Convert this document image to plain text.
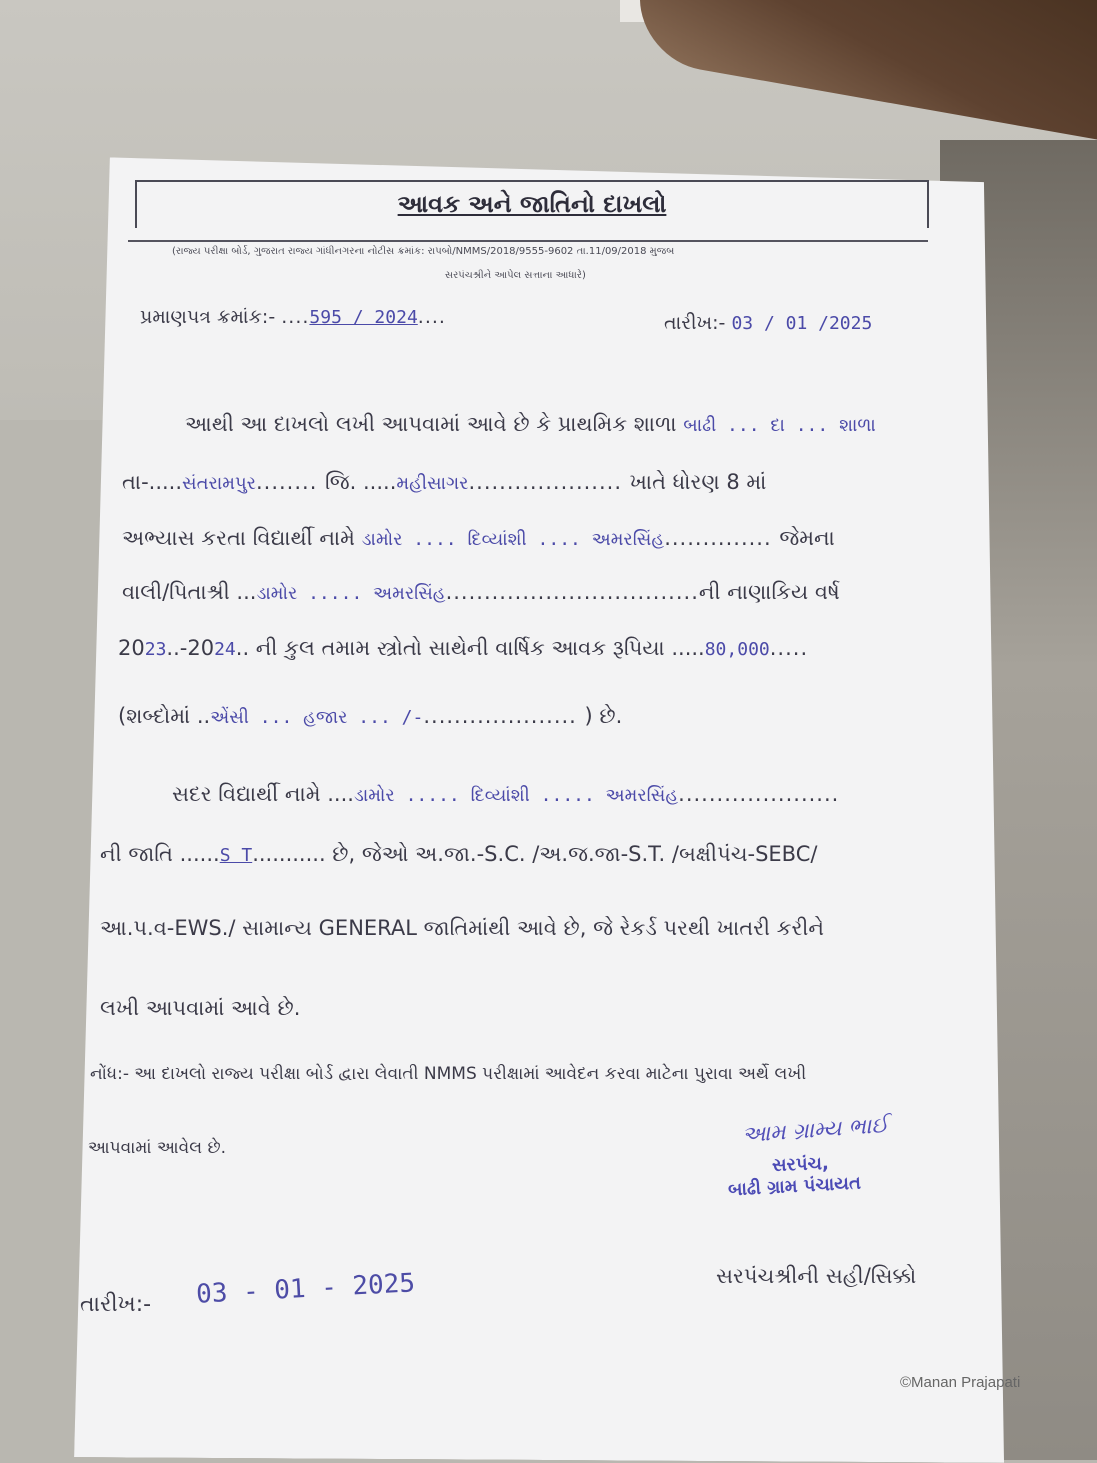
આવક અને જાતિનો દાખલો
(રાજ્ય પરીક્ષા બોર્ડ, ગુજરાત રાજ્ય ગાંધીનગરના નોટીસ ક્રમાંક: રાપબો/NMMS/2018/9555-9602 તા.11/09/2018 મુજબ
સરપંચશ્રીને આપેલ સત્તાના આધારે)
પ્રમાણપત્ર ક્રમાંક:- ....595 / 2024....	તારીખ:- 03 / 01 /2025
આથી આ દાખલો લખી આપવામાં આવે છે કે પ્રાથમિક શાળા બાઢી ... દા ... શાળા
તા-.....સંતરામપુર........ જિ. .....મહીસાગર.................... ખાતે ધોરણ 8 માં
અભ્યાસ કરતા વિદ્યાર્થી નામે ડામોર .... દિવ્યાંશી .... અમરસિંહ.............. જેમના
વાલી/પિતાશ્રી ...ડામોર ..... અમરસિંહ.................................ની નાણાકિય વર્ષ
2023..-2024.. ની કુલ તમામ સ્ત્રોતો સાથેની વાર્ષિક આવક રૂપિયા .....80,000.....
(શબ્દોમાં ..એંસી ... હજાર ... /-.................... ) છે.
સદર વિદ્યાર્થી નામે ....ડામોર ..... દિવ્યાંશી ..... અમરસિંહ.....................
ની જાતિ ......S T........... છે, જેઓ અ.જા.-S.C. /અ.જ.જા-S.T. /બક્ષીપંચ-SEBC/
આ.પ.વ-EWS./ સામાન્ય GENERAL જાતિમાંથી આવે છે, જે રેકર્ડ પરથી ખાતરી કરીને
લખી આપવામાં આવે છે.
નોંધ:- આ દાખલો રાજ્ય પરીક્ષા બોર્ડ દ્વારા લેવાતી NMMS પરીક્ષામાં આવેદન કરવા માટેના પુરાવા અર્થે લખી
આપવામાં આવેલ છે.	આમ ગ્રામ્ય ભાઈ
સરપંચ,
બાઢી ગ્રામ પંચાયત
તારીખ:- 03 - 01 - 2025	સરપંચશ્રીની સહી/સિક્કો
©Manan Prajapati
